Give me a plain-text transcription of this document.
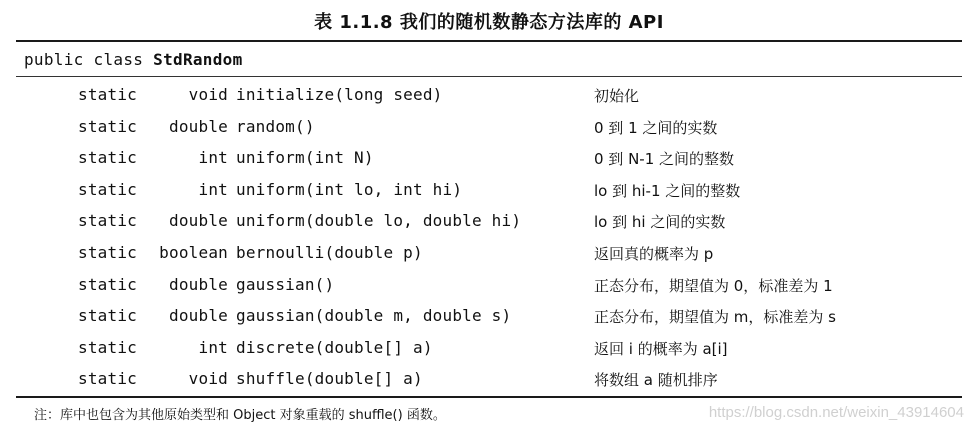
表 1.1.8 我们的随机数静态方法库的 API
public class StdRandom
static	void initialize(long seed)	初始化
static double random()	0 到 1 之间的实数
static	int uniform(int N)	0 到 N-1 之间的整数
static	int uniform(int lo, int hi)	lo 到 hi-1 之间的整数
static double uniform(double lo, double hi)	lo 到 hi 之间的实数
static boolean bernoulli(double p)	返回真的概率为 p
static double gaussian()	正态分布，期望值为 0，标准差为 1
static double gaussian(double m, double s)	正态分布，期望值为 m，标准差为 s
static	int discrete(double[] a)	返回 i 的概率为 a[i]
static	void shuffle(double[] a)	将数组 a 随机排序
注：库中也包含为其他原始类型和 Object 对象重载的 shuffle() 函数。	https://blog.csdn.net/weixin_43914604
